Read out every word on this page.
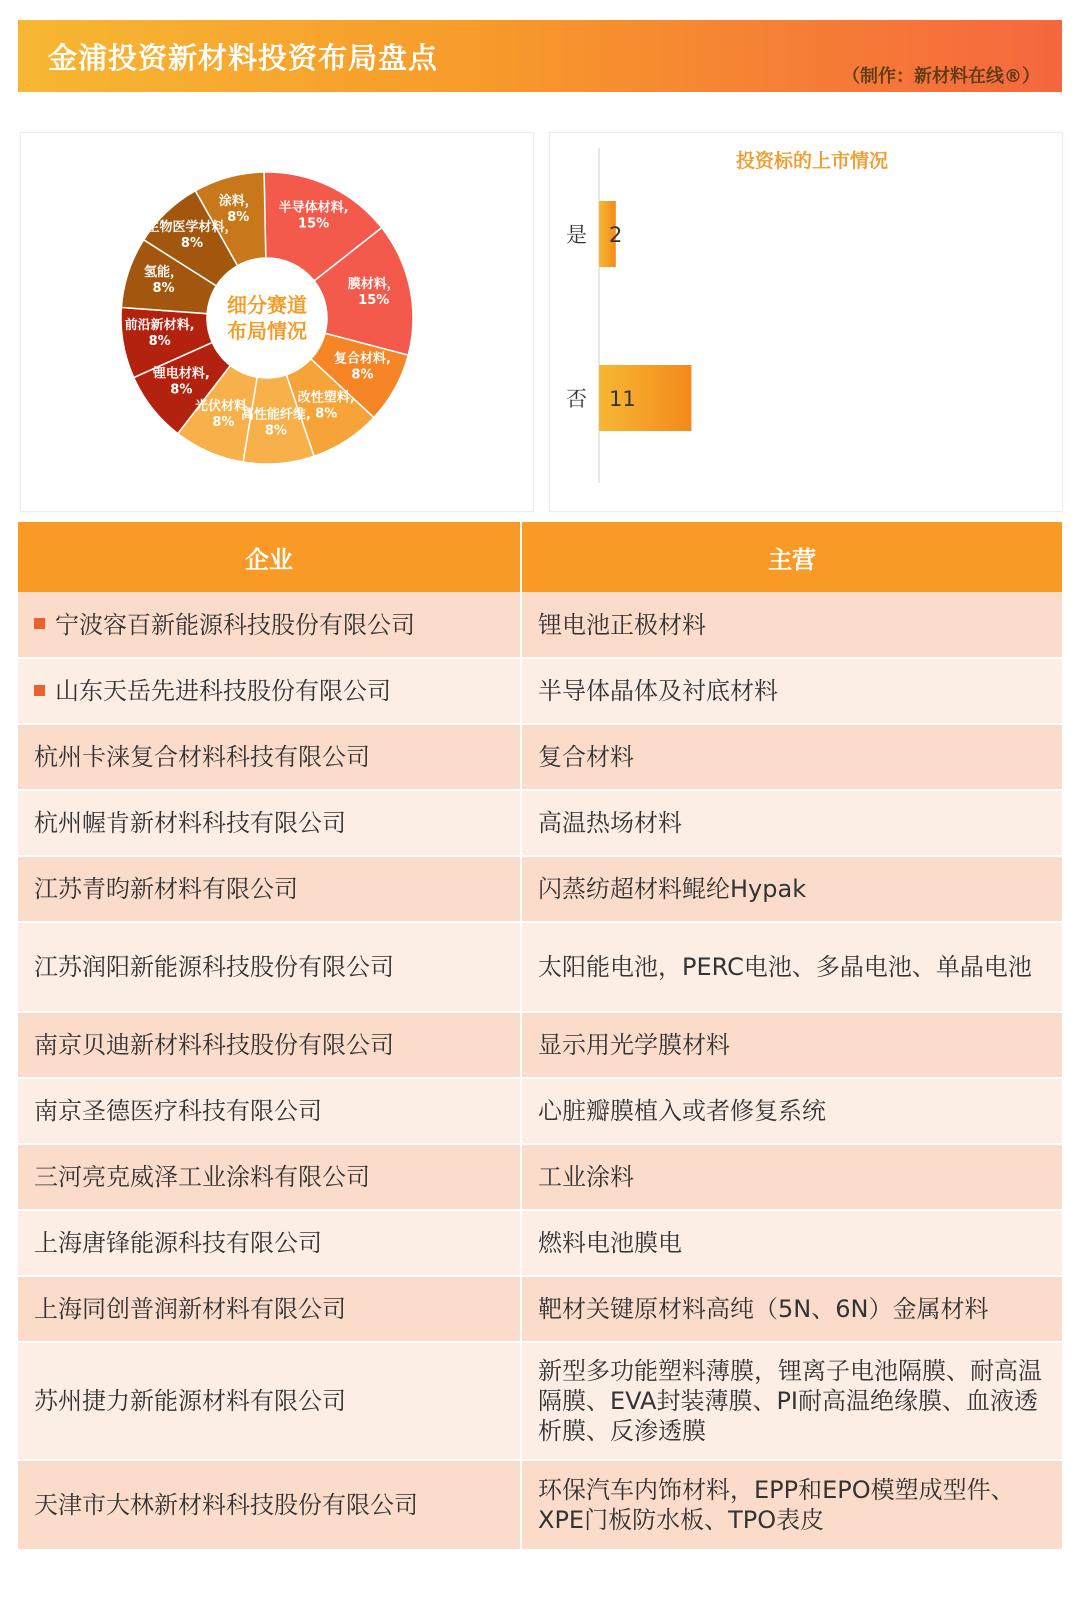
金浦投资新材料投资布局盘点
（制作：新材料在线®）
半导体材料, 15%
膜材料， 15%
复合材料, 8%
改性塑料, 8%
高性能纤维, 8%
光伏材料, 8%
锂电材料, 8%
前沿新材料, 8%
氢能， 8%
生物医学材料， 8%
涂料， 8%
细分赛道
布局情况
投资标的上市情况
是 2
否 11
企业	主营
宁波容百新能源科技股份有限公司	锂电池正极材料
山东天岳先进科技股份有限公司	半导体晶体及衬底材料
杭州卡涞复合材料科技有限公司	复合材料
杭州幄肯新材料科技有限公司	高温热场材料
江苏青昀新材料有限公司	闪蒸纺超材料鲲纶Hypak
江苏润阳新能源科技股份有限公司	太阳能电池，PERC电池、多晶电池、单晶电池
南京贝迪新材料科技股份有限公司	显示用光学膜材料
南京圣德医疗科技有限公司	心脏瓣膜植入或者修复系统
三河亮克威泽工业涂料有限公司	工业涂料
上海唐锋能源科技有限公司	燃料电池膜电
上海同创普润新材料有限公司	靶材关键原材料高纯（5N、6N）金属材料
苏州捷力新能源材料有限公司	新型多功能塑料薄膜，锂离子电池隔膜、耐高温隔膜、EVA封装薄膜、PI耐高温绝缘膜、血液透析膜、反渗透膜
天津市大林新材料科技股份有限公司	环保汽车内饰材料，EPP和EPO模塑成型件、XPE门板防水板、TPO表皮
